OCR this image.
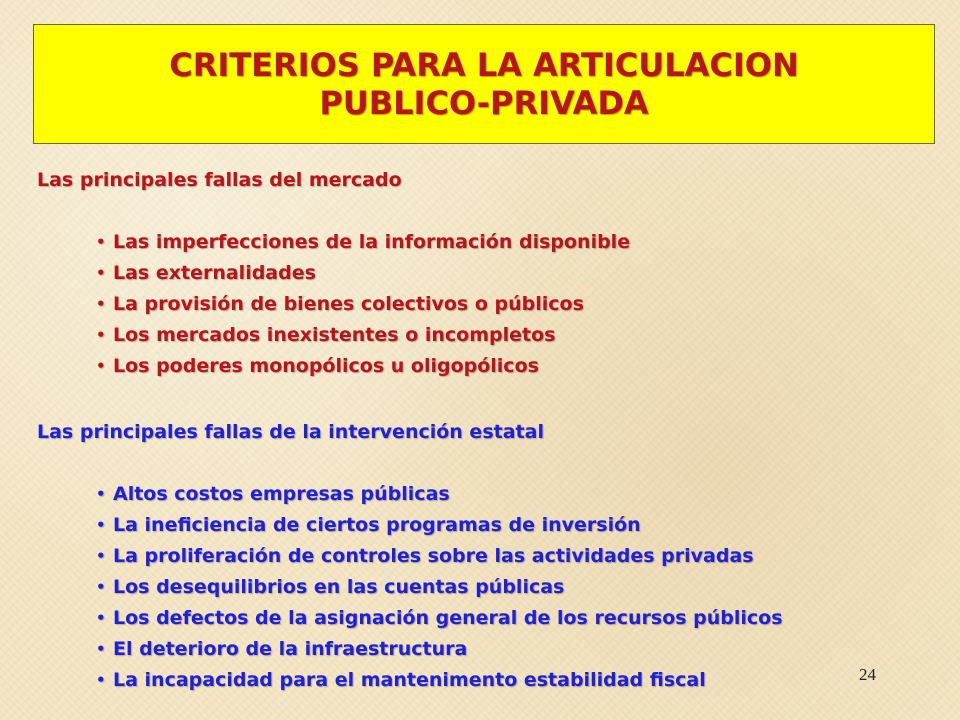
CRITERIOS PARA LA ARTICULACION
PUBLICO-PRIVADA
Las principales fallas del mercado
• Las imperfecciones de la información disponible
• Las externalidades
• La provisión de bienes colectivos o públicos
• Los mercados inexistentes o incompletos
• Los poderes monopólicos u oligopólicos
Las principales fallas de la intervención estatal
• Altos costos empresas públicas
• La ineficiencia de ciertos programas de inversión
• La proliferación de controles sobre las actividades privadas
• Los desequilibrios en las cuentas públicas
• Los defectos de la asignación general de los recursos públicos
• El deterioro de la infraestructura
• La incapacidad para el mantenimento estabilidad fiscal	24
